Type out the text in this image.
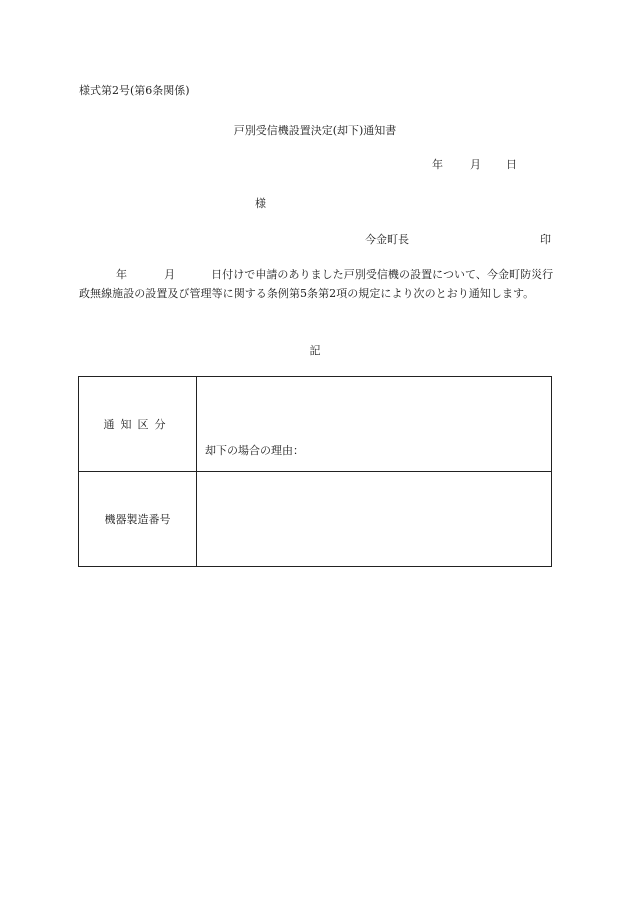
様式第2号(第6条関係)
戸別受信機設置決定(却下)通知書
年 月 日
様
今金町長	印
年	月	日付けで申請のありました戸別受信機の設置について、今金町防災行政無線施設の設置及び管理等に関する条例第5条第2項の規定により次のとおり通知します。
記
通知区分	却下の場合の理由：

機器製造番号	
